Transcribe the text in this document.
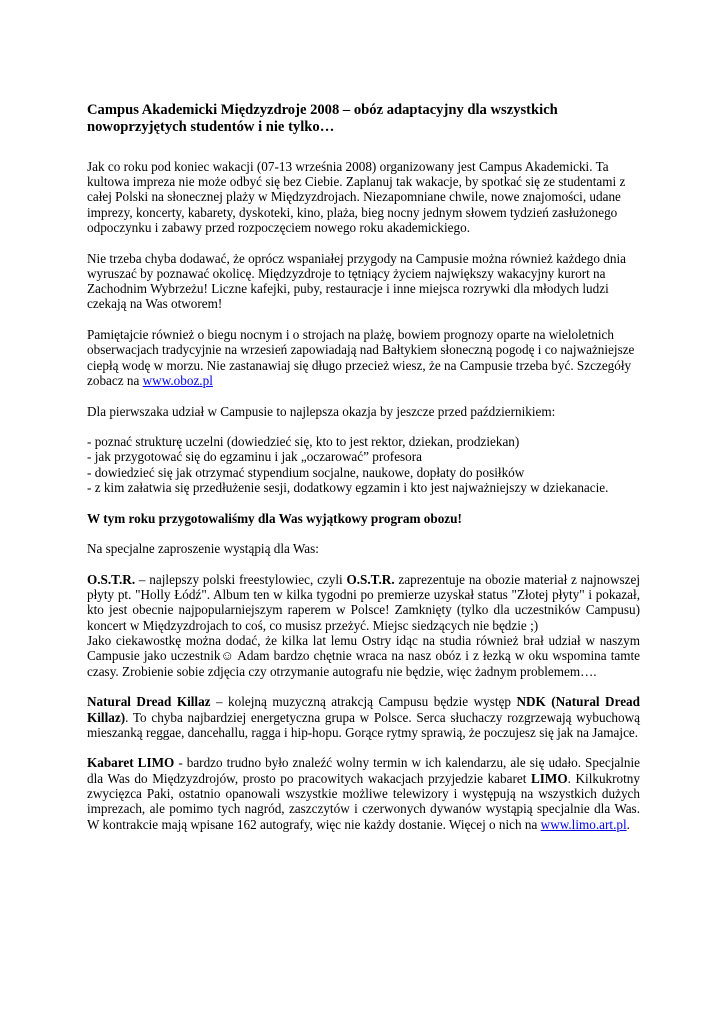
Campus Akademicki Międzyzdroje 2008 – obóz adaptacyjny dla wszystkich nowoprzyjętych studentów i nie tylko…

Jak co roku pod koniec wakacji (07-13 września 2008) organizowany jest Campus Akademicki. Ta kultowa impreza nie może odbyć się bez Ciebie. Zaplanuj tak wakacje, by spotkać się ze studentami z całej Polski na słonecznej plaży w Międzyzdrojach. Niezapomniane chwile, nowe znajomości, udane imprezy, koncerty, kabarety, dyskoteki, kino, plaża, bieg nocny jednym słowem tydzień zasłużonego odpoczynku i zabawy przed rozpoczęciem nowego roku akademickiego.

Nie trzeba chyba dodawać, że oprócz wspaniałej przygody na Campusie można również każdego dnia wyruszać by poznawać okolicę. Międzyzdroje to tętniący życiem największy wakacyjny kurort na Zachodnim Wybrzeżu! Liczne kafejki, puby, restauracje i inne miejsca rozrywki dla młodych ludzi czekają na Was otworem!

Pamiętajcie również o biegu nocnym i o strojach na plażę, bowiem prognozy oparte na wieloletnich obserwacjach tradycyjnie na wrzesień zapowiadają nad Bałtykiem słoneczną pogodę i co najważniejsze ciepłą wodę w morzu. Nie zastanawiaj się długo przecież wiesz, że na Campusie trzeba być. Szczegóły zobacz na www.oboz.pl

Dla pierwszaka udział w Campusie to najlepsza okazja by jeszcze przed październikiem:

- poznać strukturę uczelni (dowiedzieć się, kto to jest rektor, dziekan, prodziekan)
- jak przygotować się do egzaminu i jak „oczarować” profesora
- dowiedzieć się jak otrzymać stypendium socjalne, naukowe, dopłaty do posiłków
- z kim załatwia się przedłużenie sesji, dodatkowy egzamin i kto jest najważniejszy w dziekanacie.

W tym roku przygotowaliśmy dla Was wyjątkowy program obozu!

Na specjalne zaproszenie wystąpią dla Was:

O.S.T.R. – najlepszy polski freestylowiec, czyli O.S.T.R. zaprezentuje na obozie materiał z najnowszej płyty pt. "Holly Łódź". Album ten w kilka tygodni po premierze uzyskał status "Złotej płyty" i pokazał, kto jest obecnie najpopularniejszym raperem w Polsce! Zamknięty (tylko dla uczestników Campusu) koncert w Międzyzdrojach to coś, co musisz przeżyć. Miejsc siedzących nie będzie ;)
Jako ciekawostkę można dodać, że kilka lat lemu Ostry idąc na studia również brał udział w naszym Campusie jako uczestnik☺ Adam bardzo chętnie wraca na nasz obóz i z łezką w oku wspomina tamte czasy. Zrobienie sobie zdjęcia czy otrzymanie autografu nie będzie, więc żadnym problemem….

Natural Dread Killaz – kolejną muzyczną atrakcją Campusu będzie występ NDK (Natural Dread Killaz). To chyba najbardziej energetyczna grupa w Polsce. Serca słuchaczy rozgrzewają wybuchową mieszanką reggae, dancehallu, ragga i hip-hopu. Gorące rytmy sprawią, że poczujesz się jak na Jamajce.

Kabaret LIMO - bardzo trudno było znaleźć wolny termin w ich kalendarzu, ale się udało. Specjalnie dla Was do Międzyzdrojów, prosto po pracowitych wakacjach przyjedzie kabaret LIMO. Kilkukrotny zwycięzca Paki, ostatnio opanowali wszystkie możliwe telewizory i występują na wszystkich dużych imprezach, ale pomimo tych nagród, zaszczytów i czerwonych dywanów wystąpią specjalnie dla Was. W kontrakcie mają wpisane 162 autografy, więc nie każdy dostanie. Więcej o nich na www.limo.art.pl.
